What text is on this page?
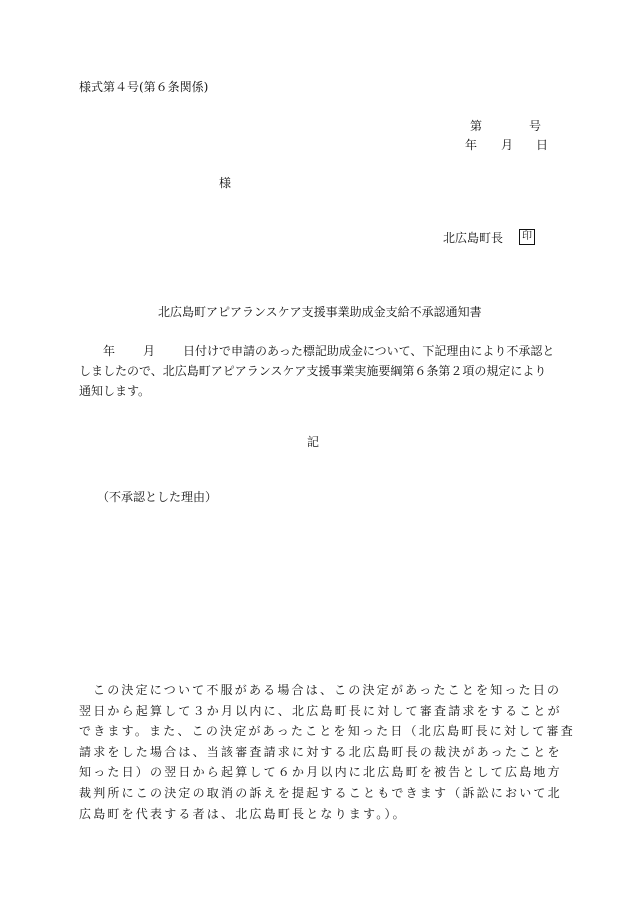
様式第４号(第６条関係)
第	号
年 月 日
様
北広島町長	印
北広島町アピアランスケア支援事業助成金支給不承認通知書
年 月 日付けで申請のあった標記助成金について、下記理由により不承認と
しましたので、北広島町アピアランスケア支援事業実施要綱第６条第２項の規定により
通知します。
記
（不承認とした理由）
この決定について不服がある場合は、この決定があったことを知った日の
翌日から起算して３か月以内に、北広島町長に対して審査請求をすることが
できます。また、この決定があったことを知った日（北広島町長に対して審査
請求をした場合は、当該審査請求に対する北広島町長の裁決があったことを
知った日）の翌日から起算して６か月以内に北広島町を被告として広島地方
裁判所にこの決定の取消の訴えを提起することもできます（訴訟において北
広島町を代表する者は、北広島町長となります。）。
